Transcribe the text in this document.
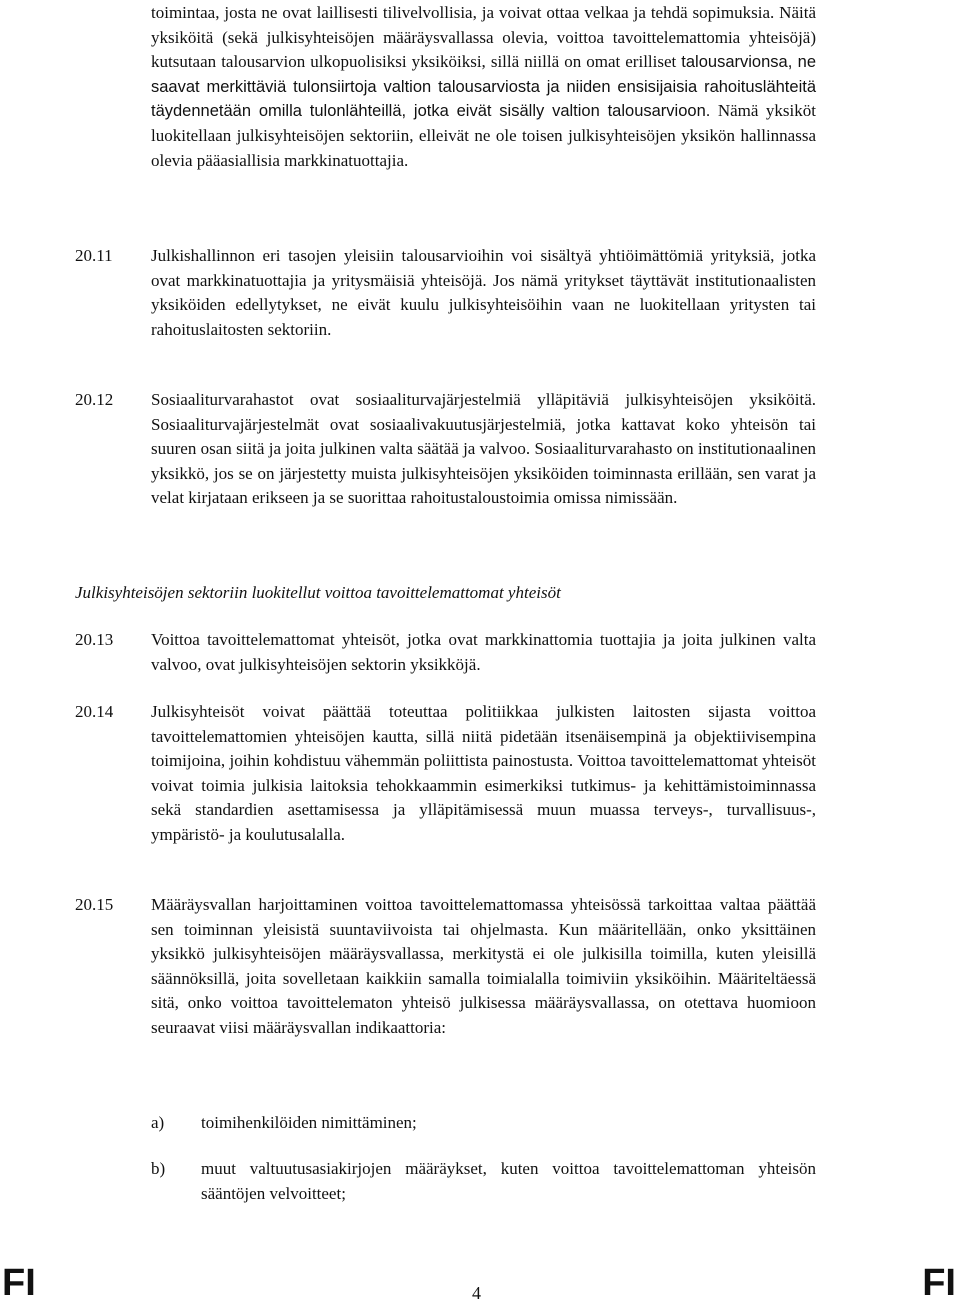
toimintaa, josta ne ovat laillisesti tilivelvollisia, ja voivat ottaa velkaa ja tehdä sopimuksia. Näitä yksiköitä (sekä julkisyhteisöjen määräysvallassa olevia, voittoa tavoittelemattomia yhteisöjä) kutsutaan talousarvion ulkopuolisiksi yksiköiksi, sillä niillä on omat erilliset talousarvionsa, ne saavat merkittäviä tulonsiirtoja valtion talousarviosta ja niiden ensisijaisia rahoituslähteitä täydennetään omilla tulonlähteillä, jotka eivät sisälly valtion talousarvioon. Nämä yksiköt luokitellaan julkisyhteisöjen sektoriin, elleivät ne ole toisen julkisyhteisöjen yksikön hallinnassa olevia pääasiallisia markkinatuottajia.
20.11	Julkishallinnon eri tasojen yleisiin talousarvioihin voi sisältyä yhtiöimättömiä yrityksiä, jotka ovat markkinatuottajia ja yritysmäisiä yhteisöjä. Jos nämä yritykset täyttävät institutionaalisten yksiköiden edellytykset, ne eivät kuulu julkisyhteisöihin vaan ne luokitellaan yritysten tai rahoituslaitosten sektoriin.
20.12	Sosiaaliturvarahastot ovat sosiaaliturvajärjestelmiä ylläpitäviä julkisyhteisöjen yksiköitä. Sosiaaliturvajärjestelmät ovat sosiaalivakuutusjärjestelmiä, jotka kattavat koko yhteisön tai suuren osan siitä ja joita julkinen valta säätää ja valvoo. Sosiaaliturvarahasto on institutionaalinen yksikkö, jos se on järjestetty muista julkisyhteisöjen yksiköiden toiminnasta erillään, sen varat ja velat kirjataan erikseen ja se suorittaa rahoitustaloustoimia omissa nimissään.
Julkisyhteisöjen sektoriin luokitellut voittoa tavoittelemattomat yhteisöt
20.13	Voittoa tavoittelemattomat yhteisöt, jotka ovat markkinattomia tuottajia ja joita julkinen valta valvoo, ovat julkisyhteisöjen sektorin yksikköjä.
20.14	Julkisyhteisöt voivat päättää toteuttaa politiikkaa julkisten laitosten sijasta voittoa tavoittelemattomien yhteisöjen kautta, sillä niitä pidetään itsenäisempinä ja objektiivisempina toimijoina, joihin kohdistuu vähemmän poliittista painostusta. Voittoa tavoittelemattomat yhteisöt voivat toimia julkisia laitoksia tehokkaammin esimerkiksi tutkimus- ja kehittämistoiminnassa sekä standardien asettamisessa ja ylläpitämisessä muun muassa terveys-, turvallisuus-, ympäristö- ja koulutusalalla.
20.15	Määräysvallan harjoittaminen voittoa tavoittelemattomassa yhteisössä tarkoittaa valtaa päättää sen toiminnan yleisistä suuntaviivoista tai ohjelmasta. Kun määritellään, onko yksittäinen yksikkö julkisyhteisöjen määräysvallassa, merkitystä ei ole julkisilla toimilla, kuten yleisillä säännöksillä, joita sovelletaan kaikkiin samalla toimialalla toimiviin yksiköihin. Määriteltäessä sitä, onko voittoa tavoittelematon yhteisö julkisessa määräysvallassa, on otettava huomioon seuraavat viisi määräysvallan indikaattoria:
a) toimihenkilöiden nimittäminen;
b) muut valtuutusasiakirjojen määräykset, kuten voittoa tavoittelemattoman yhteisön sääntöjen velvoitteet;
FI	4	FI
